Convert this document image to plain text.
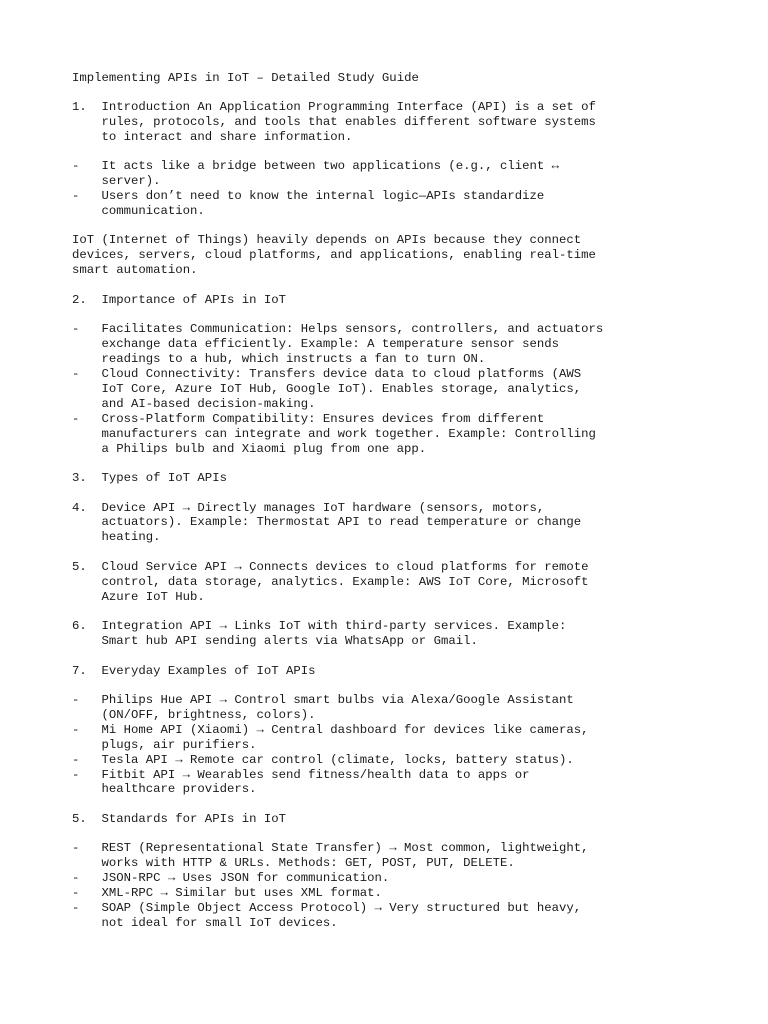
Implementing APIs in IoT – Detailed Study Guide
1.	Introduction An Application Programming Interface (API) is a set of
rules, protocols, and tools that enables different software systems
to interact and share information.
-	It acts like a bridge between two applications (e.g., client ↔
server).
-	Users don’t need to know the internal logic—APIs standardize
communication.
IoT (Internet of Things) heavily depends on APIs because they connect
devices, servers, cloud platforms, and applications, enabling real-time
smart automation.
2.	Importance of APIs in IoT
-	Facilitates Communication: Helps sensors, controllers, and actuators
exchange data efficiently. Example: A temperature sensor sends
readings to a hub, which instructs a fan to turn ON.
-	Cloud Connectivity: Transfers device data to cloud platforms (AWS
IoT Core, Azure IoT Hub, Google IoT). Enables storage, analytics,
and AI-based decision-making.
-	Cross-Platform Compatibility: Ensures devices from different
manufacturers can integrate and work together. Example: Controlling
a Philips bulb and Xiaomi plug from one app.
3.	Types of IoT APIs
4.	Device API → Directly manages IoT hardware (sensors, motors,
actuators). Example: Thermostat API to read temperature or change
heating.
5.	Cloud Service API → Connects devices to cloud platforms for remote
control, data storage, analytics. Example: AWS IoT Core, Microsoft
Azure IoT Hub.
6.	Integration API → Links IoT with third-party services. Example:
Smart hub API sending alerts via WhatsApp or Gmail.
7.	Everyday Examples of IoT APIs
-	Philips Hue API → Control smart bulbs via Alexa/Google Assistant
(ON/OFF, brightness, colors).
-	Mi Home API (Xiaomi) → Central dashboard for devices like cameras,
plugs, air purifiers.
-	Tesla API → Remote car control (climate, locks, battery status).
-	Fitbit API → Wearables send fitness/health data to apps or
healthcare providers.
5.	Standards for APIs in IoT
-	REST (Representational State Transfer) → Most common, lightweight,
works with HTTP & URLs. Methods: GET, POST, PUT, DELETE.
-	JSON-RPC → Uses JSON for communication.
-	XML-RPC → Similar but uses XML format.
-	SOAP (Simple Object Access Protocol) → Very structured but heavy,
not ideal for small IoT devices.
